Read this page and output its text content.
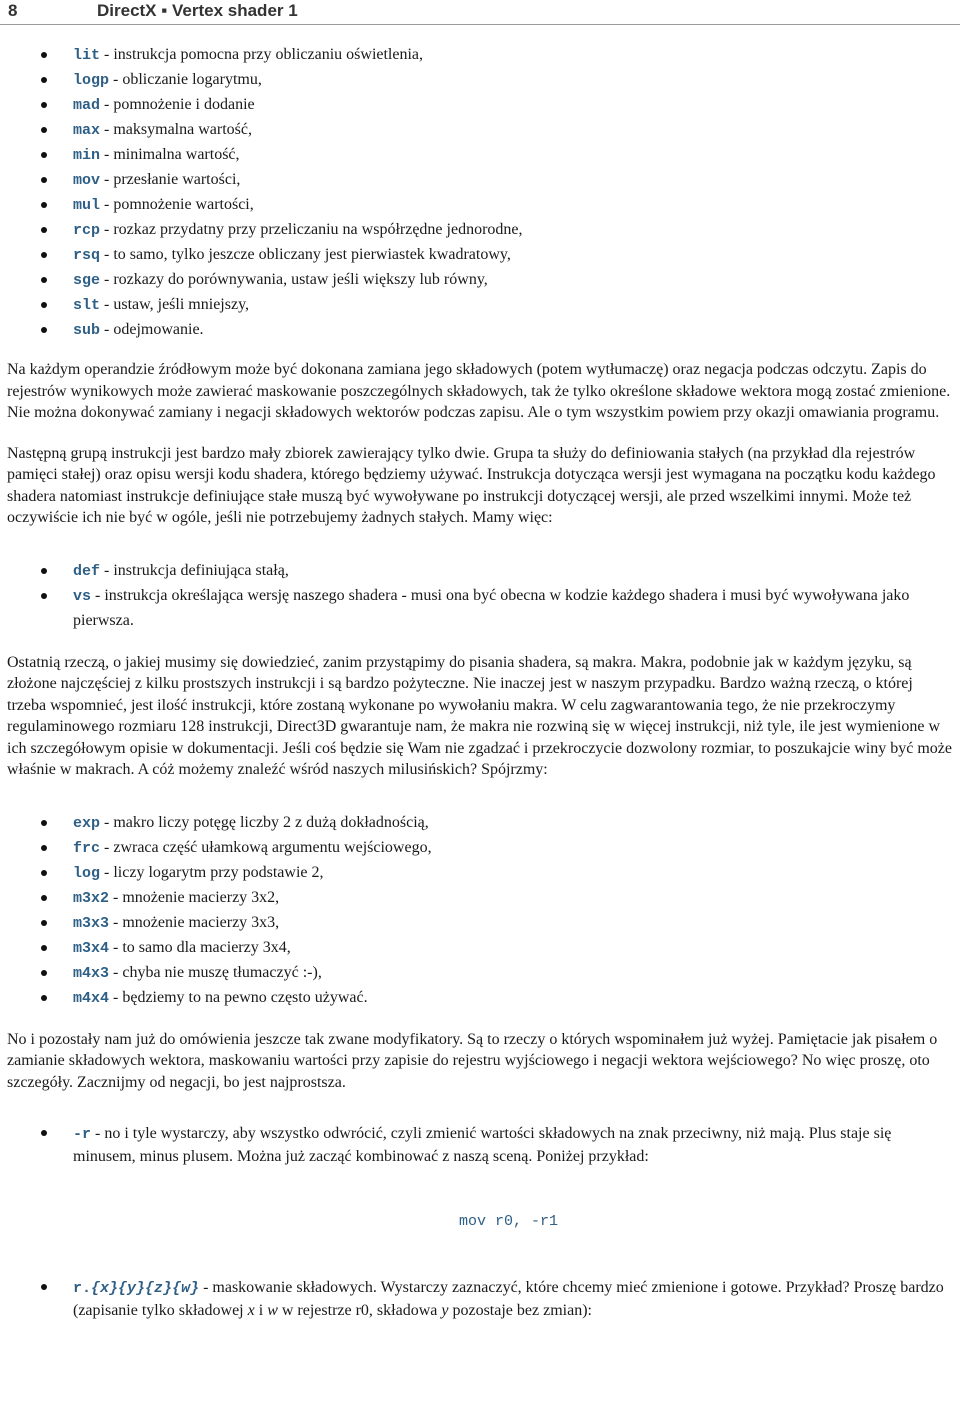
8	DirectX ▪ Vertex shader 1
lit - instrukcja pomocna przy obliczaniu oświetlenia,
logp - obliczanie logarytmu,
mad - pomnożenie i dodanie
max - maksymalna wartość,
min - minimalna wartość,
mov - przesłanie wartości,
mul - pomnożenie wartości,
rcp - rozkaz przydatny przy przeliczaniu na współrzędne jednorodne,
rsq - to samo, tylko jeszcze obliczany jest pierwiastek kwadratowy,
sge - rozkazy do porównywania, ustaw jeśli większy lub równy,
slt - ustaw, jeśli mniejszy,
sub - odejmowanie.

Na każdym operandzie źródłowym może być dokonana zamiana jego składowych (potem wytłumaczę) oraz negacja podczas odczytu. Zapis do rejestrów wynikowych może zawierać maskowanie poszczególnych składowych, tak że tylko określone składowe wektora mogą zostać zmienione. Nie można dokonywać zamiany i negacji składowych wektorów podczas zapisu. Ale o tym wszystkim powiem przy okazji omawiania programu.

Następną grupą instrukcji jest bardzo mały zbiorek zawierający tylko dwie. Grupa ta służy do definiowania stałych (na przykład dla rejestrów pamięci stałej) oraz opisu wersji kodu shadera, którego będziemy używać. Instrukcja dotycząca wersji jest wymagana na początku kodu każdego shadera natomiast instrukcje definiujące stałe muszą być wywoływane po instrukcji dotyczącej wersji, ale przed wszelkimi innymi. Może też oczywiście ich nie być w ogóle, jeśli nie potrzebujemy żadnych stałych. Mamy więc:

def - instrukcja definiująca stałą,
vs - instrukcja określająca wersję naszego shadera - musi ona być obecna w kodzie każdego shadera i musi być wywoływana jako pierwsza.

Ostatnią rzeczą, o jakiej musimy się dowiedzieć, zanim przystąpimy do pisania shadera, są makra. Makra, podobnie jak w każdym języku, są złożone najczęściej z kilku prostszych instrukcji i są bardzo pożyteczne. Nie inaczej jest w naszym przypadku. Bardzo ważną rzeczą, o której trzeba wspomnieć, jest ilość instrukcji, które zostaną wykonane po wywołaniu makra. W celu zagwarantowania tego, że nie przekroczymy regulaminowego rozmiaru 128 instrukcji, Direct3D gwarantuje nam, że makra nie rozwiną się w więcej instrukcji, niż tyle, ile jest wymienione w ich szczegółowym opisie w dokumentacji. Jeśli coś będzie się Wam nie zgadzać i przekroczycie dozwolony rozmiar, to poszukajcie winy być może właśnie w makrach. A cóż możemy znaleźć wśród naszych milusińskich? Spójrzmy:

exp - makro liczy potęgę liczby 2 z dużą dokładnością,
frc - zwraca część ułamkową argumentu wejściowego,
log - liczy logarytm przy podstawie 2,
m3x2 - mnożenie macierzy 3x2,
m3x3 - mnożenie macierzy 3x3,
m3x4 - to samo dla macierzy 3x4,
m4x3 - chyba nie muszę tłumaczyć :-),
m4x4 - będziemy to na pewno często używać.

No i pozostały nam już do omówienia jeszcze tak zwane modyfikatory. Są to rzeczy o których wspominałem już wyżej. Pamiętacie jak pisałem o zamianie składowych wektora, maskowaniu wartości przy zapisie do rejestru wyjściowego i negacji wektora wejściowego? No więc proszę, oto szczegóły. Zacznijmy od negacji, bo jest najprostsza.

-r - no i tyle wystarczy, aby wszystko odwrócić, czyli zmienić wartości składowych na znak przeciwny, niż mają. Plus staje się minusem, minus plusem. Można już zacząć kombinować z naszą sceną. Poniżej przykład:
mov r0, -r1
r.{x}{y}{z}{w} - maskowanie składowych. Wystarczy zaznaczyć, które chcemy mieć zmienione i gotowe. Przykład? Proszę bardzo (zapisanie tylko składowej x i w w rejestrze r0, składowa y pozostaje bez zmian):
